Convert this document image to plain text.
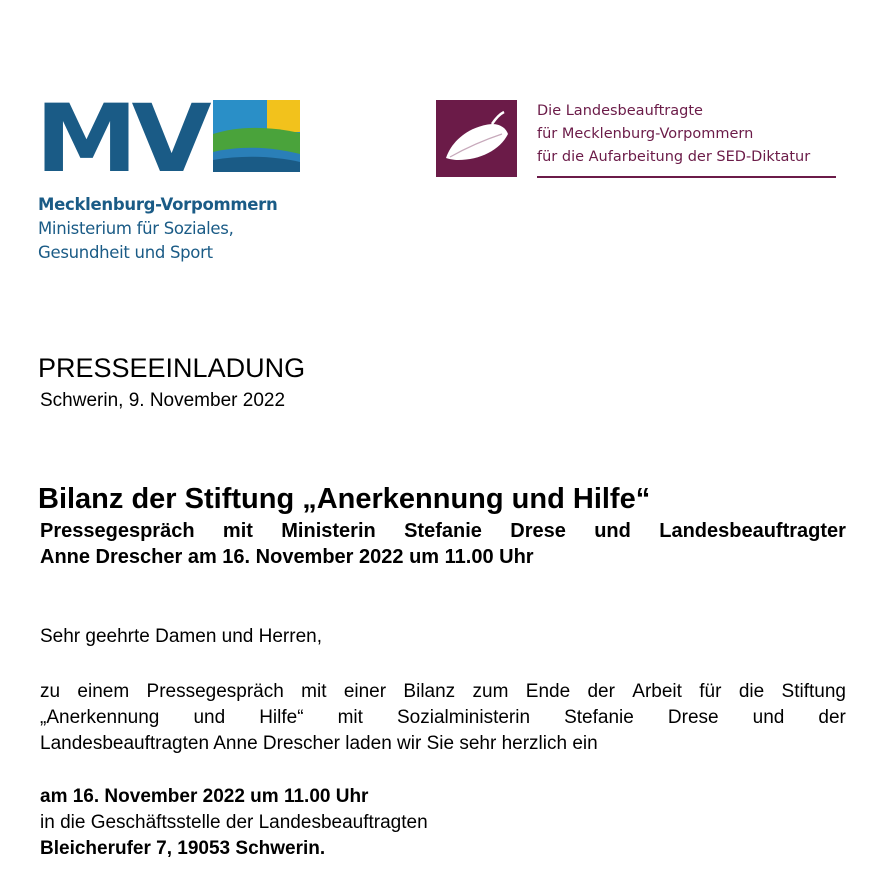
MV
Mecklenburg-Vorpommern
Ministerium für Soziales,
Gesundheit und Sport
Die Landesbeauftragte
für Mecklenburg-Vorpommern
für die Aufarbeitung der SED-Diktatur
PRESSEEINLADUNG
Schwerin, 9. November 2022
Bilanz der Stiftung „Anerkennung und Hilfe“
Pressegespräch mit Ministerin Stefanie Drese und Landesbeauftragter
Anne Drescher am 16. November 2022 um 11.00 Uhr
Sehr geehrte Damen und Herren,
zu einem Pressegespräch mit einer Bilanz zum Ende der Arbeit für die Stiftung
„Anerkennung und Hilfe“ mit Sozialministerin Stefanie Drese und der
Landesbeauftragten Anne Drescher laden wir Sie sehr herzlich ein
am 16. November 2022 um 11.00 Uhr
in die Geschäftsstelle der Landesbeauftragten
Bleicherufer 7, 19053 Schwerin.
